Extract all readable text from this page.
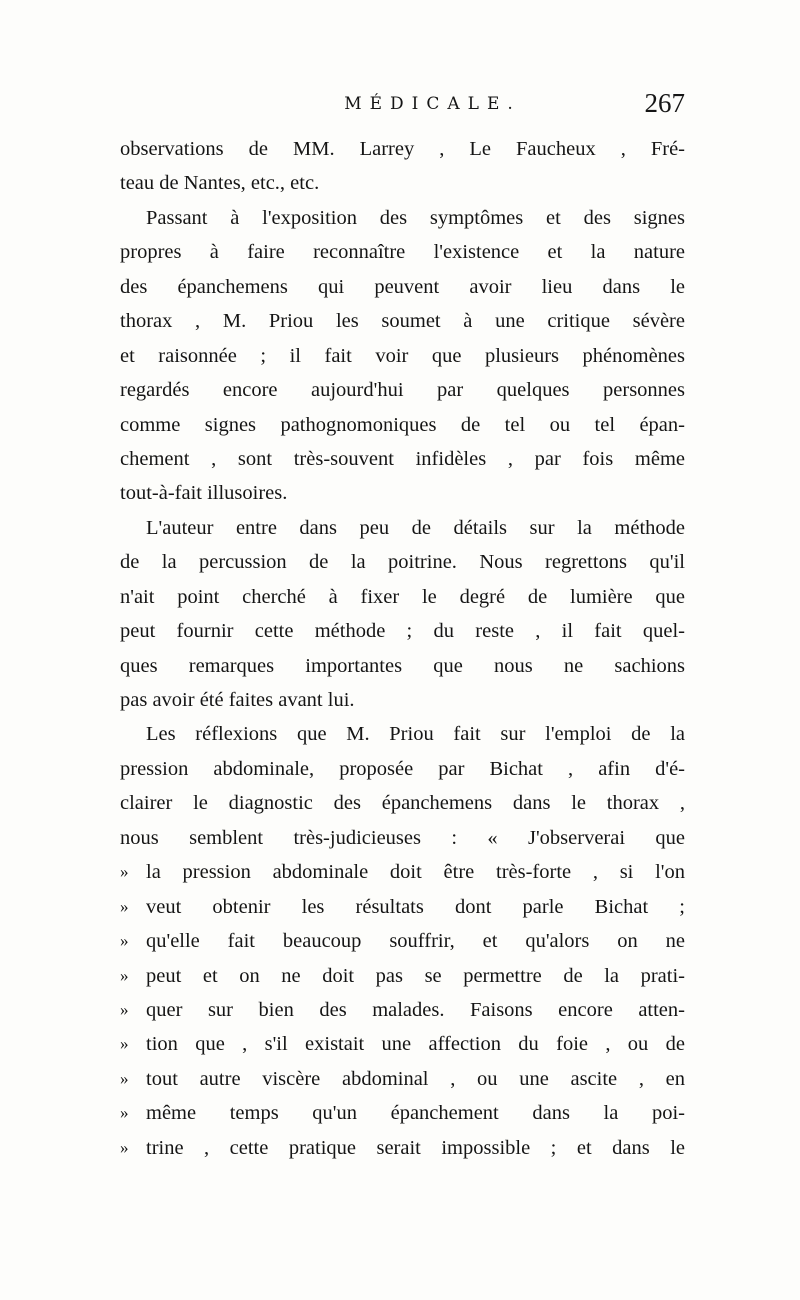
MÉDICALE.	267
observations de MM. Larrey , Le Faucheux , Fré-
teau de Nantes, etc., etc.
Passant à l'exposition des symptômes et des signes
propres à faire reconnaître l'existence et la nature
des épanchemens qui peuvent avoir lieu dans le
thorax , M. Priou les soumet à une critique sévère
et raisonnée ; il fait voir que plusieurs phénomènes
regardés encore aujourd'hui par quelques personnes
comme signes pathognomoniques de tel ou tel épan-
chement , sont très-souvent infidèles , par fois même
tout-à-fait illusoires.
L'auteur entre dans peu de détails sur la méthode
de la percussion de la poitrine. Nous regrettons qu'il
n'ait point cherché à fixer le degré de lumière que
peut fournir cette méthode ; du reste , il fait quel-
ques remarques importantes que nous ne sachions
pas avoir été faites avant lui.
Les réflexions que M. Priou fait sur l'emploi de la
pression abdominale, proposée par Bichat , afin d'é-
clairer le diagnostic des épanchemens dans le thorax ,
nous semblent très-judicieuses : « J'observerai que
» la pression abdominale doit être très-forte , si l'on
» veut obtenir les résultats dont parle Bichat ;
» qu'elle fait beaucoup souffrir, et qu'alors on ne
» peut et on ne doit pas se permettre de la prati-
» quer sur bien des malades. Faisons encore atten-
» tion que , s'il existait une affection du foie , ou de
» tout autre viscère abdominal , ou une ascite , en
» même temps qu'un épanchement dans la poi-
» trine , cette pratique serait impossible ; et dans le
